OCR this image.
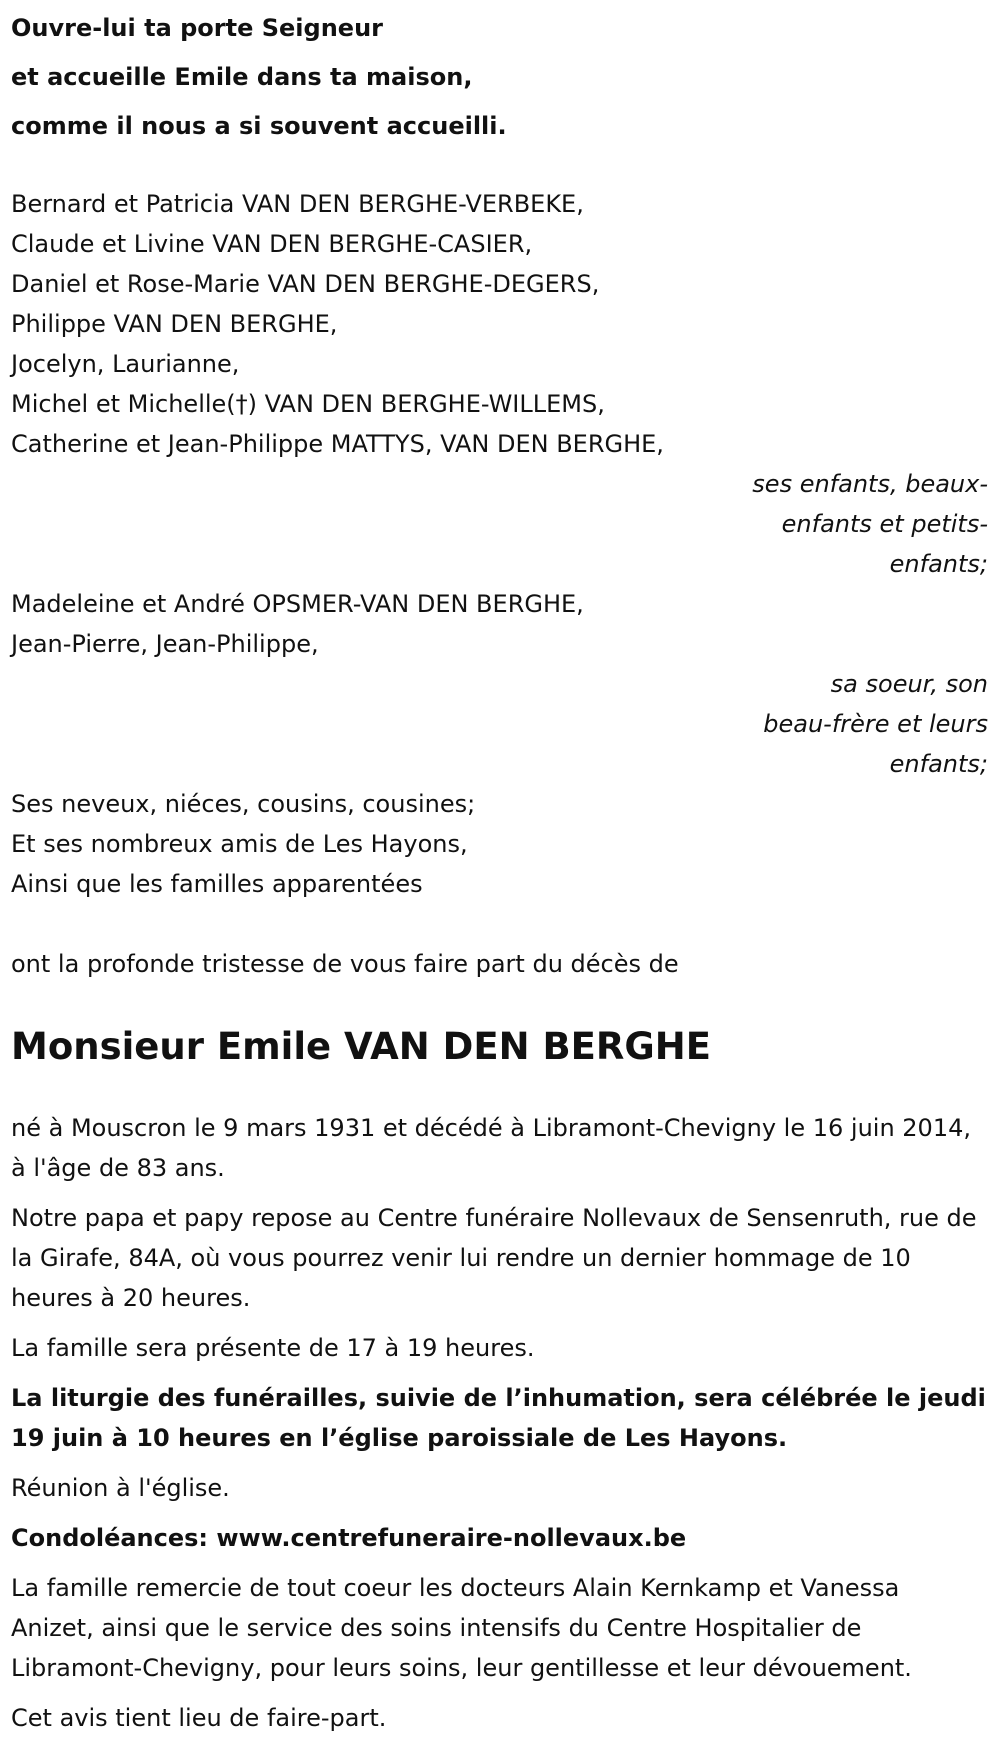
Ouvre-lui ta porte Seigneur
et accueille Emile dans ta maison,
comme il nous a si souvent accueilli.
Bernard et Patricia VAN DEN BERGHE-VERBEKE,
Claude et Livine VAN DEN BERGHE-CASIER,
Daniel et Rose-Marie VAN DEN BERGHE-DEGERS,
Philippe VAN DEN BERGHE,
Jocelyn, Laurianne,
Michel et Michelle(†) VAN DEN BERGHE-WILLEMS,
Catherine et Jean-Philippe MATTYS, VAN DEN BERGHE,
ses enfants, beaux-
enfants et petits-
enfants;
Madeleine et André OPSMER-VAN DEN BERGHE,
Jean-Pierre, Jean-Philippe,
sa soeur, son
beau-frère et leurs
enfants;
Ses neveux, niéces, cousins, cousines;
Et ses nombreux amis de Les Hayons,
Ainsi que les familles apparentées
ont la profonde tristesse de vous faire part du décès de
Monsieur Emile VAN DEN BERGHE
né à Mouscron le 9 mars 1931 et décédé à Libramont-Chevigny le 16 juin 2014, à l'âge de 83 ans.
Notre papa et papy repose au Centre funéraire Nollevaux de Sensenruth, rue de la Girafe, 84A, où vous pourrez venir lui rendre un dernier hommage de 10 heures à 20 heures.
La famille sera présente de 17 à 19 heures.
La liturgie des funérailles, suivie de l’inhumation, sera célébrée le jeudi 19 juin à 10 heures en l’église paroissiale de Les Hayons.
Réunion à l'église.
Condoléances: www.centrefuneraire-nollevaux.be
La famille remercie de tout coeur les docteurs Alain Kernkamp et Vanessa Anizet, ainsi que le service des soins intensifs du Centre Hospitalier de Libramont-Chevigny, pour leurs soins, leur gentillesse et leur dévouement.
Cet avis tient lieu de faire-part.
